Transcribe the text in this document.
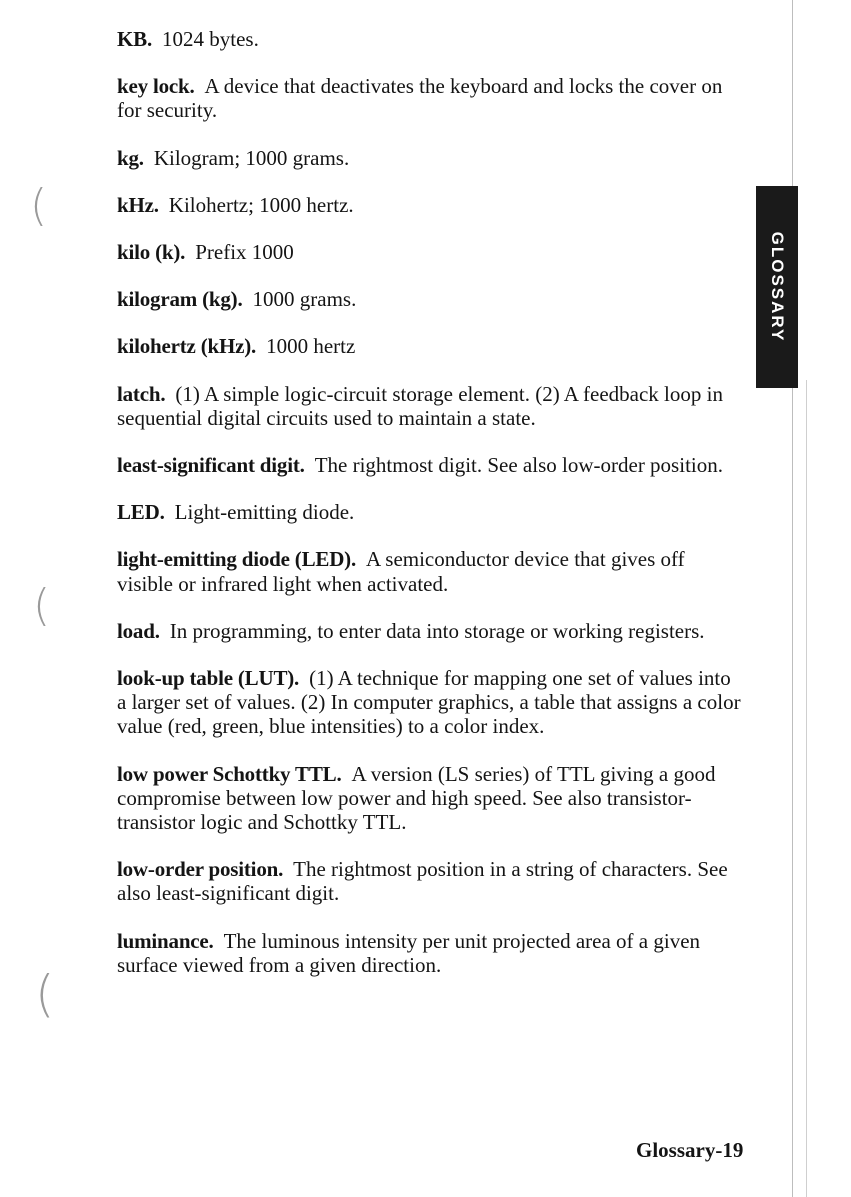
(
(
(
GLOSSARY

KB. 1024 bytes.

key lock. A device that deactivates the keyboard and locks the cover on for security.

kg. Kilogram; 1000 grams.

kHz. Kilohertz; 1000 hertz.

kilo (k). Prefix 1000

kilogram (kg). 1000 grams.

kilohertz (kHz). 1000 hertz

latch. (1) A simple logic-circuit storage element. (2) A feedback loop in sequential digital circuits used to maintain a state.

least-significant digit. The rightmost digit. See also low-order position.

LED. Light-emitting diode.

light-emitting diode (LED). A semiconductor device that gives off visible or infrared light when activated.

load. In programming, to enter data into storage or working registers.

look-up table (LUT). (1) A technique for mapping one set of values into a larger set of values. (2) In computer graphics, a table that assigns a color value (red, green, blue intensities) to a color index.

low power Schottky TTL. A version (LS series) of TTL giving a good compromise between low power and high speed. See also transistor-transistor logic and Schottky TTL.

low-order position. The rightmost position in a string of characters. See also least-significant digit.

luminance. The luminous intensity per unit projected area of a given surface viewed from a given direction.

Glossary-19
